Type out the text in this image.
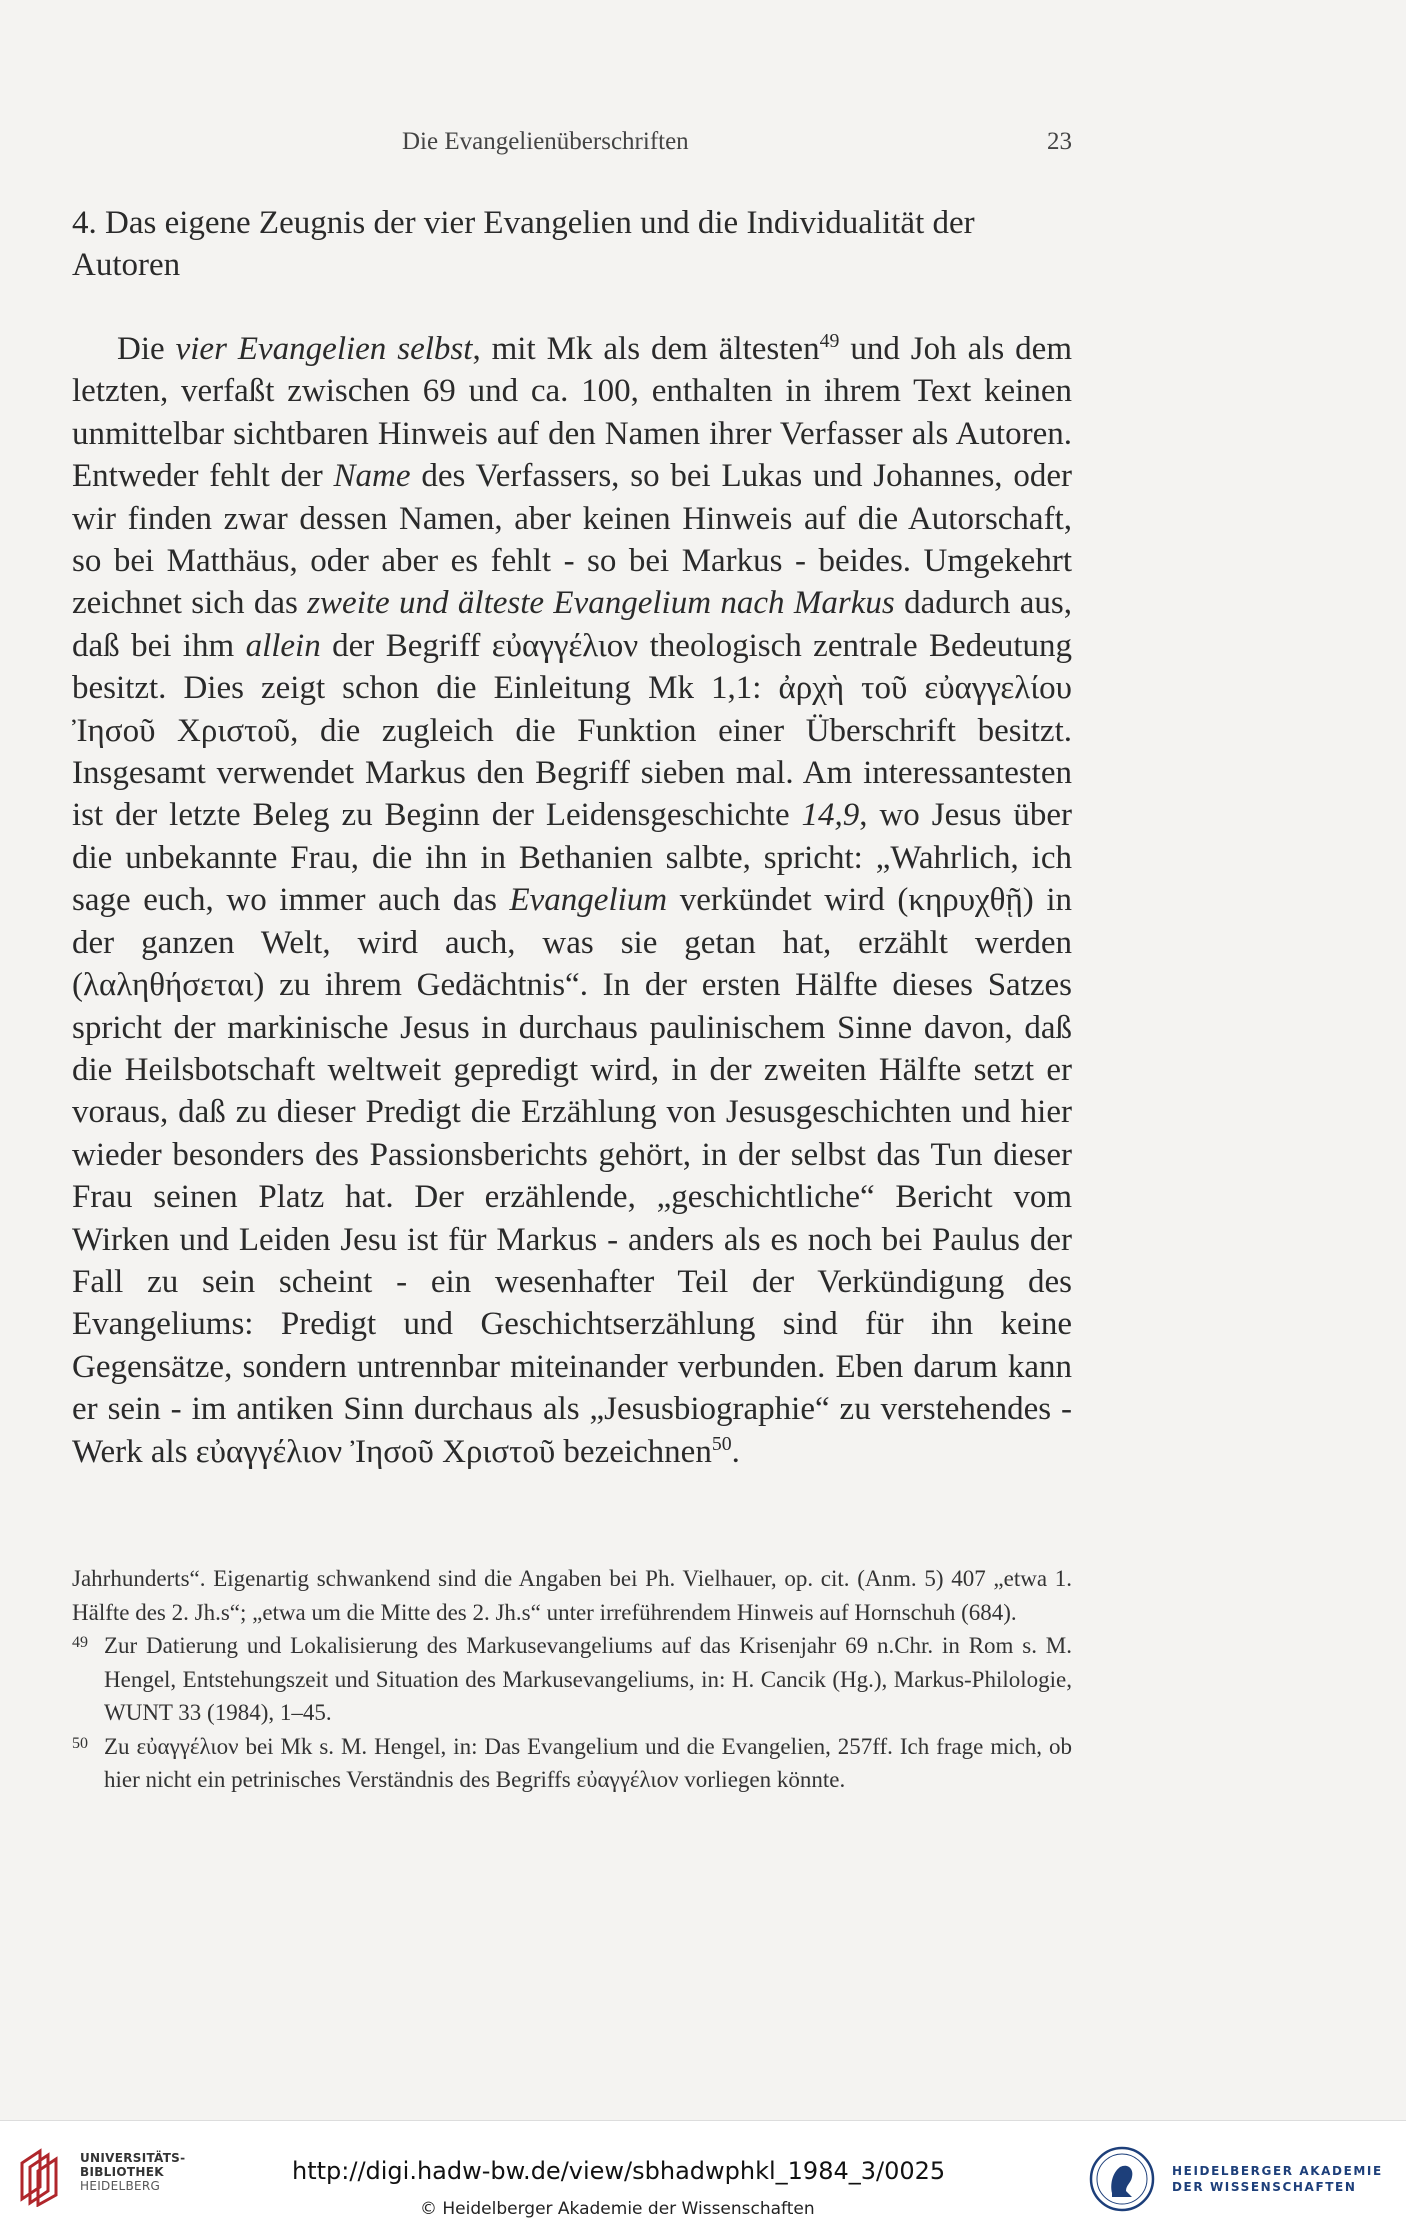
Die Evangelienüberschriften	23
4. Das eigene Zeugnis der vier Evangelien und die Individualität der Autoren

Die vier Evangelien selbst, mit Mk als dem ältesten$^{49}$ und Joh als dem letzten, verfaßt zwischen 69 und ca. 100, enthalten in ihrem Text keinen unmittelbar sichtbaren Hinweis auf den Namen ihrer Verfasser als Autoren. Entweder fehlt der Name des Verfassers, so bei Lukas und Johannes, oder wir finden zwar dessen Namen, aber keinen Hinweis auf die Autorschaft, so bei Matthäus, oder aber es fehlt - so bei Markus - beides. Umgekehrt zeichnet sich das zweite und älteste Evangelium nach Markus dadurch aus, daß bei ihm allein der Begriff εὐαγγέλιον theologisch zentrale Bedeutung besitzt. Dies zeigt schon die Einleitung Mk 1,1: ἀρχὴ τοῦ εὐαγγελίου Ἰησοῦ Χριστοῦ, die zugleich die Funktion einer Überschrift besitzt. Insgesamt verwendet Markus den Begriff sieben mal. Am interessantesten ist der letzte Beleg zu Beginn der Leidensgeschichte 14,9, wo Jesus über die unbekannte Frau, die ihn in Bethanien salbte, spricht: „Wahrlich, ich sage euch, wo immer auch das Evangelium verkündet wird (κηρυχθῇ) in der ganzen Welt, wird auch, was sie getan hat, erzählt werden (λαληθήσεται) zu ihrem Gedächtnis“. In der ersten Hälfte dieses Satzes spricht der markinische Jesus in durchaus paulinischem Sinne davon, daß die Heilsbotschaft weltweit gepredigt wird, in der zweiten Hälfte setzt er voraus, daß zu dieser Predigt die Erzählung von Jesusgeschichten und hier wieder besonders des Passionsberichts gehört, in der selbst das Tun dieser Frau seinen Platz hat. Der erzählende, „geschichtliche“ Bericht vom Wirken und Leiden Jesu ist für Markus - anders als es noch bei Paulus der Fall zu sein scheint - ein wesenhafter Teil der Verkündigung des Evangeliums: Predigt und Geschichtserzählung sind für ihn keine Gegensätze, sondern untrennbar miteinander verbunden. Eben darum kann er sein - im antiken Sinn durchaus als „Jesusbiographie“ zu verstehendes - Werk als εὐαγγέλιον Ἰησοῦ Χριστοῦ bezeichnen$^{50}$.

Jahrhunderts“. Eigenartig schwankend sind die Angaben bei Ph. Vielhauer, op. cit. (Anm. 5) 407 „etwa 1. Hälfte des 2. Jh.s“; „etwa um die Mitte des 2. Jh.s“ unter irreführendem Hinweis auf Hornschuh (684).

49 Zur Datierung und Lokalisierung des Markusevangeliums auf das Krisenjahr 69 n.Chr. in Rom s. M. Hengel, Entstehungszeit und Situation des Markusevangeliums, in: H. Cancik (Hg.), Markus-Philologie, WUNT 33 (1984), 1–45.

50 Zu εὐαγγέλιον bei Mk s. M. Hengel, in: Das Evangelium und die Evangelien, 257ff. Ich frage mich, ob hier nicht ein petrinisches Verständnis des Begriffs εὐαγγέλιον vorliegen könnte.

UNIVERSITÄTS-
BIBLIOTHEK
HEIDELBERG
http://digi.hadw-bw.de/view/sbhadwphkl_1984_3/0025
© Heidelberger Akademie der Wissenschaften
HEIDELBERGER AKADEMIE
DER WISSENSCHAFTEN
